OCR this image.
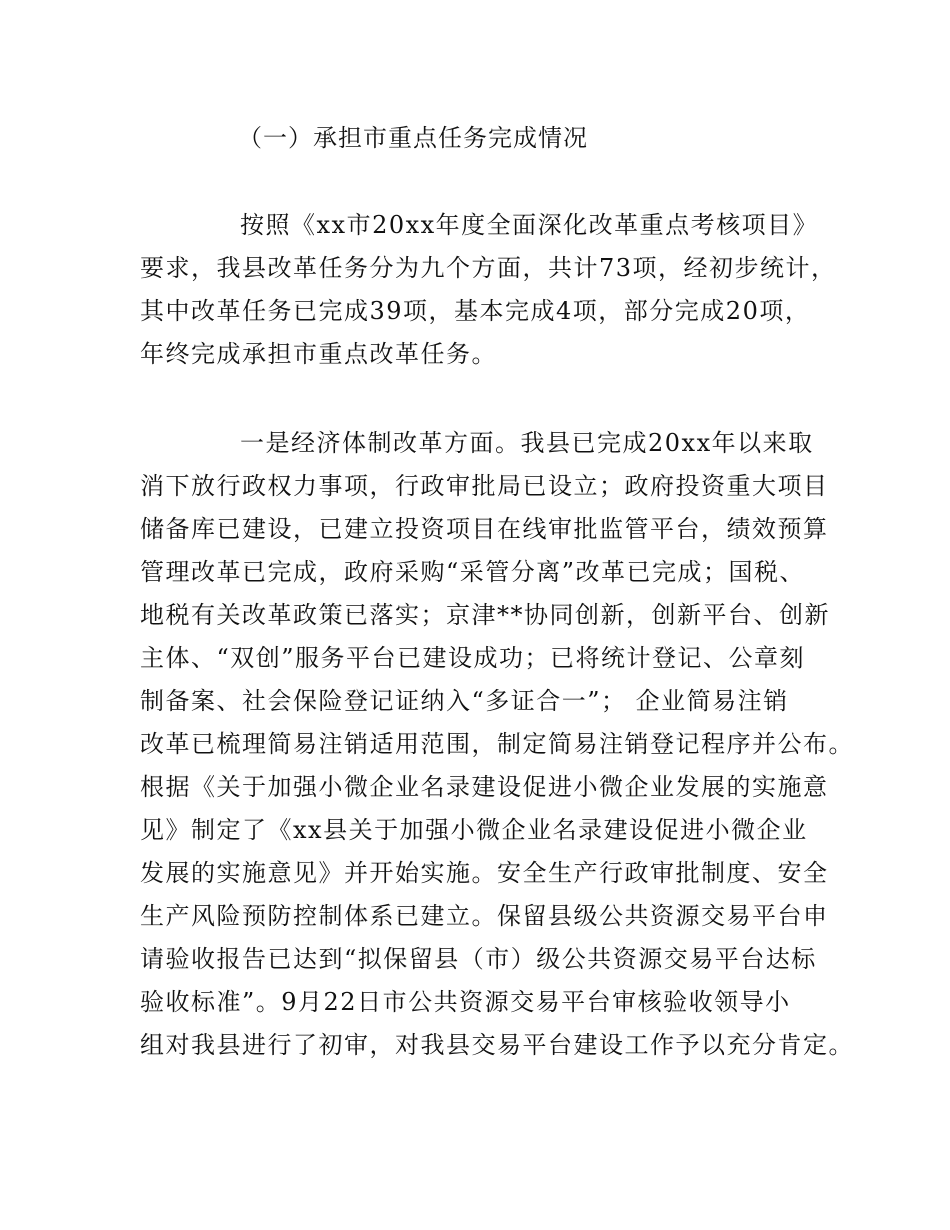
（一）承担市重点任务完成情况
按照《xx市20xx年度全面深化改革重点考核项目》
要求，我县改革任务分为九个方面，共计73项，经初步统计，
其中改革任务已完成39项，基本完成4项，部分完成20项，
年终完成承担市重点改革任务。
一是经济体制改革方面。我县已完成20xx年以来取
消下放行政权力事项，行政审批局已设立；政府投资重大项目
储备库已建设，已建立投资项目在线审批监管平台，绩效预算
管理改革已完成，政府采购“采管分离”改革已完成；国税、
地税有关改革政策已落实；京津**协同创新，创新平台、创新
主体、“双创”服务平台已建设成功；已将统计登记、公章刻
制备案、社会保险登记证纳入“多证合一”； 企业简易注销
改革已梳理简易注销适用范围，制定简易注销登记程序并公布。
根据《关于加强小微企业名录建设促进小微企业发展的实施意
见》制定了《xx县关于加强小微企业名录建设促进小微企业
发展的实施意见》并开始实施。安全生产行政审批制度、安全
生产风险预防控制体系已建立。保留县级公共资源交易平台申
请验收报告已达到“拟保留县（市）级公共资源交易平台达标
验收标准”。9月22日市公共资源交易平台审核验收领导小
组对我县进行了初审，对我县交易平台建设工作予以充分肯定。
